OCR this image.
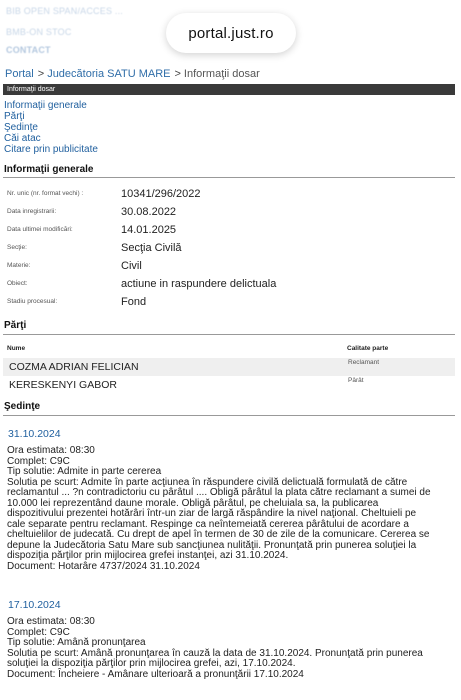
BIB OPEN SPAN/ACCES ...
BMB-ON STOC
CONTACT
portal.just.ro
Portal > Judecătoria SATU MARE > Informaţii dosar
Informaţii dosar
Informaţii generale
Părţi
Şedinţe
Căi atac
Citare prin publicitate
Informaţii generale
Nr. unic (nr. format vechi) :	10341/296/2022
Data inregistrarii:	30.08.2022
Data ultimei modificări:	14.01.2025
Secţie:	Secţia Civilă
Materie:	Civil
Obiect:	actiune in raspundere delictuala
Stadiu procesual:	Fond
Părţi
Nume	Calitate parte
COZMA ADRIAN FELICIAN	Reclamant
KERESKENYI GABOR	Pârât
Şedinţe
31.10.2024
Ora estimata: 08:30
Complet: C9C
Tip solutie: Admite in parte cererea
Solutia pe scurt: Admite în parte acţiunea în răspundere civilă delictuală formulată de către
reclamantul ... ?n contradictoriu cu pârâtul .... Obligă pârâtul la plata către reclamant a sumei de
10.000 lei reprezentând daune morale. Obligă pârâtul, pe cheluiala sa, la publicarea
dispozitivului prezentei hotărâri într-un ziar de largă răspândire la nivel naţional. Cheltuieli pe
cale separate pentru reclamant. Respinge ca neîntemeiată cererea pârâtului de acordare a
cheltuielilor de judecată. Cu drept de apel în termen de 30 de zile de la comunicare. Cererea se
depune la Judecătoria Satu Mare sub sancţiunea nulităţii. Pronunţată prin punerea soluţiei la
dispoziţia părţilor prin mijlocirea grefei instanţei, azi 31.10.2024.
Document: Hotarâre 4737/2024 31.10.2024
17.10.2024
Ora estimata: 08:30
Complet: C9C
Tip solutie: Amână pronunţarea
Solutia pe scurt: Amână pronunţarea în cauză la data de 31.10.2024. Pronunţată prin punerea
soluţiei la dispoziţia părţilor prin mijlocirea grefei, azi, 17.10.2024.
Document: Încheiere - Amânare ulterioară a pronunţării 17.10.2024
